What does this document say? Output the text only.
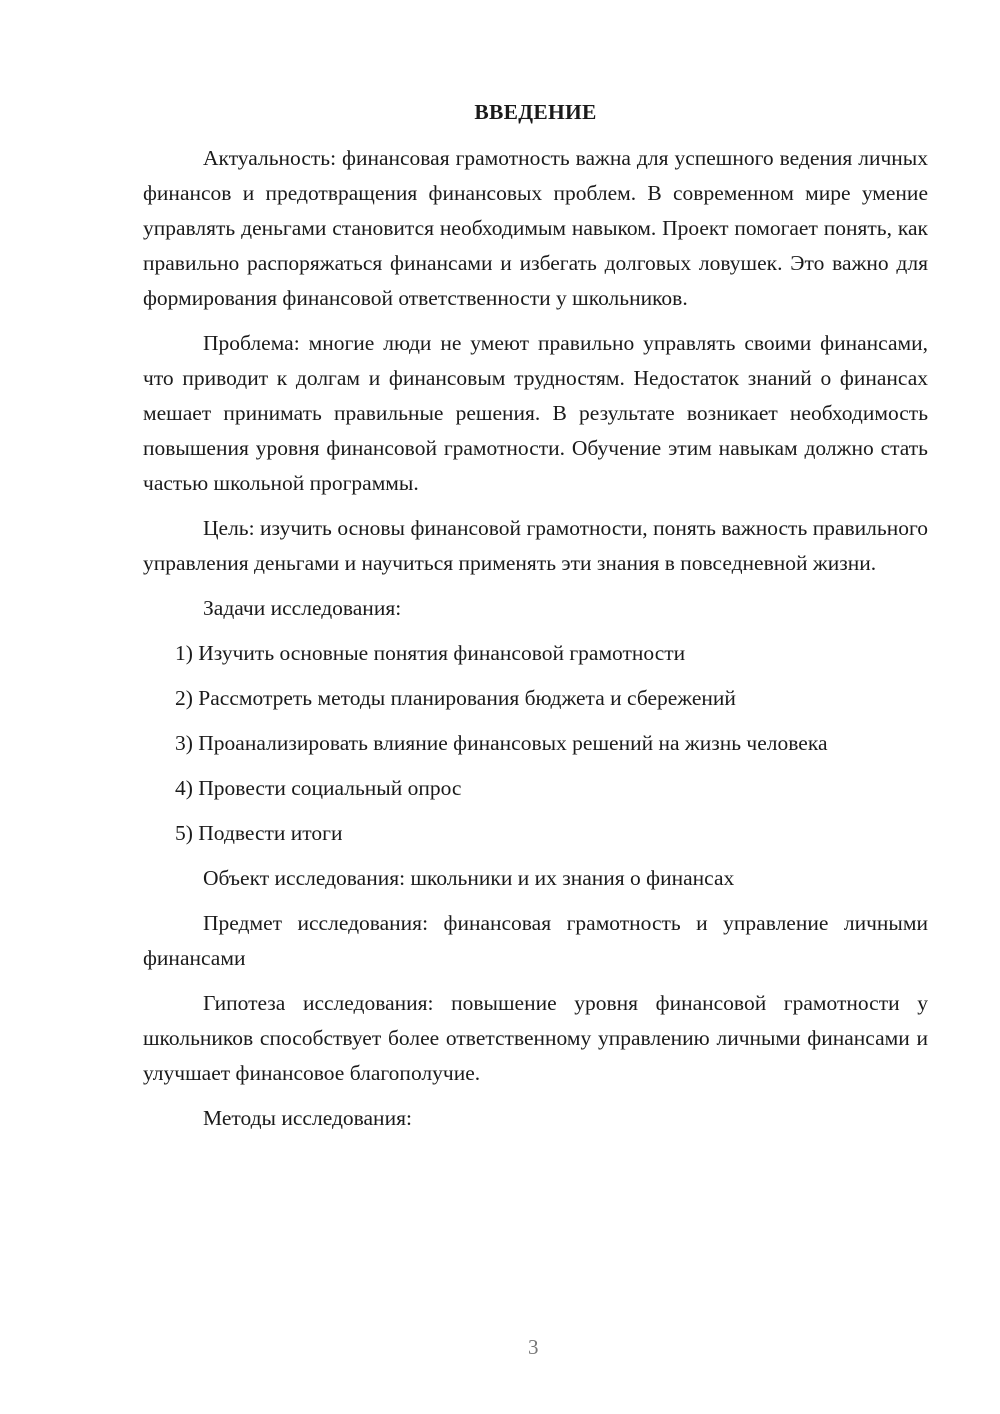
ВВЕДЕНИЕ

Актуальность: финансовая грамотность важна для успешного ведения личных финансов и предотвращения финансовых проблем. В современном мире умение управлять деньгами становится необходимым навыком. Проект помогает понять, как правильно распоряжаться финансами и избегать долговых ловушек. Это важно для формирования финансовой ответственности у школьников.

Проблема: многие люди не умеют правильно управлять своими финансами, что приводит к долгам и финансовым трудностям. Недостаток знаний о финансах мешает принимать правильные решения. В результате возникает необходимость повышения уровня финансовой грамотности. Обучение этим навыкам должно стать частью школьной программы.

Цель: изучить основы финансовой грамотности, понять важность правильного управления деньгами и научиться применять эти знания в повседневной жизни.

Задачи исследования:
1) Изучить основные понятия финансовой грамотности
2) Рассмотреть методы планирования бюджета и сбережений

3) Проанализировать влияние финансовых решений на жизнь человека

4) Провести социальный опрос
5) Подвести итоги
Объект исследования: школьники и их знания о финансах

Предмет исследования: финансовая грамотность и управление личными финансами

Гипотеза исследования: повышение уровня финансовой грамотности у школьников способствует более ответственному управлению личными финансами и улучшает финансовое благополучие.

Методы исследования:
3
